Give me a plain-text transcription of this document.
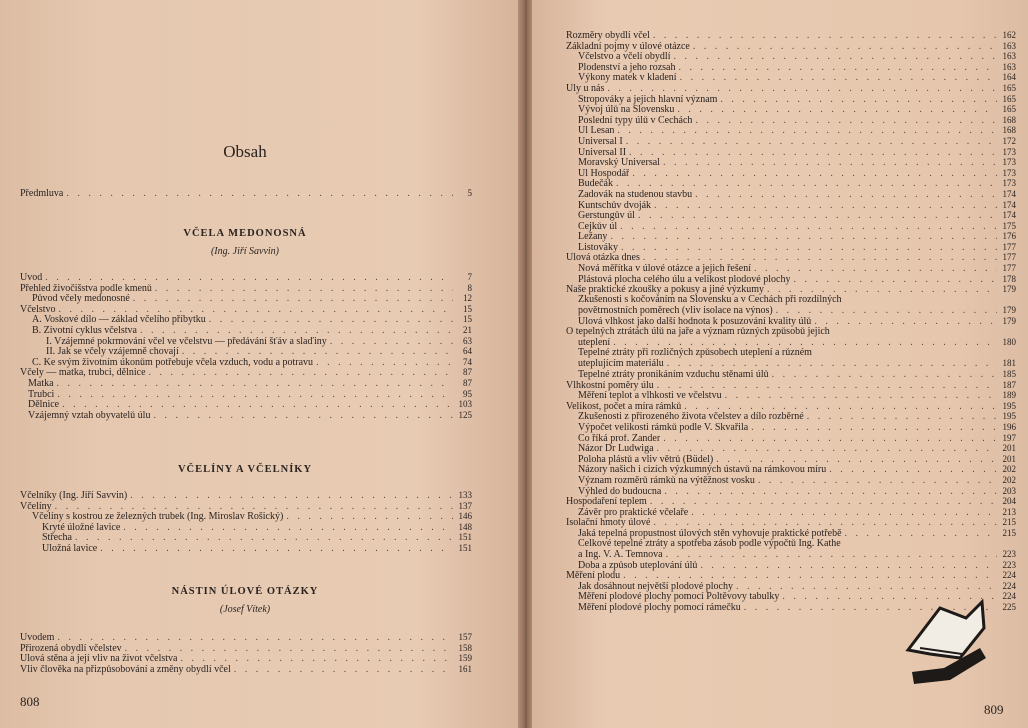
Obsah
Předmluva . . .	5
VČELA MEDONOSNÁ
(Ing. Jiří Savvin)
Úvod . . .	7
Přehled živočišstva podle kmenů . . .	8
Původ včely medonosné . . .	12
Včelstvo . . .	15
A. Voskové dílo — základ včelího příbytku . . .	15
B. Životní cyklus včelstva . . .	21
I. Vzájemné pokrmování včel ve včelstvu — předávání šťáv a slaďiny . . .	63
II. Jak se včely vzájemně chovají . . .	64
C. Ke svým životním úkonům potřebuje včela vzduch, vodu a potravu . . .	74
Včely — matka, trubci, dělnice . . .	87
Matka . . .	87
Trubci . . .	95
Dělnice . . .	103
Vzájemný vztah obyvatelů úlu . . .	125
VČELÍNY A VČELNÍKY
Včelníky (Ing. Jiří Savvin) . . .	133
Včelíny . . .	137
Včelíny s kostrou ze železných trubek (Ing. Miroslav Rošický) . . .	146
Kryté úložné lavice . . .	148
Střecha . . .	151
Úložná lavice . . .	151
NÁSTIN ÚLOVÉ OTÁZKY
(Josef Vítek)
Úvodem . . .	157
Přirozená obydlí včelstev . . .	158
Úlová stěna a její vliv na život včelstva . . .	159
Vliv člověka na přizpůsobování a změny obydlí včel . . .	161
808
Rozměry obydlí včel . . .	162
Základní pojmy v úlové otázce . . .	163
Včelstvo a včelí obydlí . . .	163
Plodenství a jeho rozsah . . .	163
Výkony matek v kladení . . .	164
Úly u nás . . .	165
Stropováky a jejich hlavní význam . . .	165
Vývoj úlů na Slovensku . . .	165
Poslední typy úlů v Čechách . . .	168
Úl Lesan . . .	168
Universal I . . .	172
Universal II . . .	173
Moravský Universal . . .	173
Úl Hospodář . . .	173
Budečák . . .	173
Zadovák na studenou stavbu . . .	174
Kuntschův dvoják . . .	174
Gerstungův úl . . .	174
Čejkův úl . . .	175
Ležany . . .	176
Listováky . . .	177
Úlová otázka dnes . . .	177
Nová měřítka v úlové otázce a jejich řešení . . .	177
Plástová plocha celého úlu a velikost plodové plochy . . .	178
Naše praktické zkoušky a pokusy a jiné výzkumy . . .	179
Zkušenosti s kočováním na Slovensku a v Čechách při rozdílných
povětrnostních poměrech (vliv isolace na výnos) . . .	179
Úlová vlhkost jako další hodnota k posuzování kvality úlů . . .	179
O tepelných ztrátách úlů na jaře a význam různých způsobů jejich
uteplení . . .	180
Tepelné ztráty při rozličných způsobech uteplení a různém
uteplujícím materiálu . . .	181
Tepelné ztráty pronikáním vzduchu stěnami úlů . . .	185
Vlhkostní poměry úlu . . .	187
Měření teplot a vlhkosti ve včelstvu . . .	189
Velikost, počet a míra rámků . . .	195
Zkušenosti z přirozeného života včelstev a dílo rozběrné . . .	195
Výpočet velikosti rámků podle V. Škvařila . . .	196
Co říká prof. Zander . . .	197
Názor Dr Ludwiga . . .	201
Poloha plástů a vliv větrů (Büdel) . . .	201
Názory našich i cizích výzkumných ústavů na rámkovou míru . . .	202
Význam rozměrů rámků na výtěžnost vosku . . .	202
Výhled do budoucna . . .	203
Hospodaření teplem . . .	204
Závěr pro praktické včelaře . . .	213
Isolační hmoty úlové . . .	215
Jaká tepelná propustnost úlových stěn vyhovuje praktické potřebě . . .	215
Celkové tepelné ztráty a spotřeba zásob podle výpočtů Ing. Kathe
a Ing. V. A. Temnova . . .	223
Doba a způsob uteplování úlů . . .	223
Měření plodu . . .	224
Jak dosáhnout největší plodové plochy . . .	224
Měření plodové plochy pomocí Poltěvovy tabulky . . .	224
Měření plodové plochy pomocí rámečku . . .	225
809
